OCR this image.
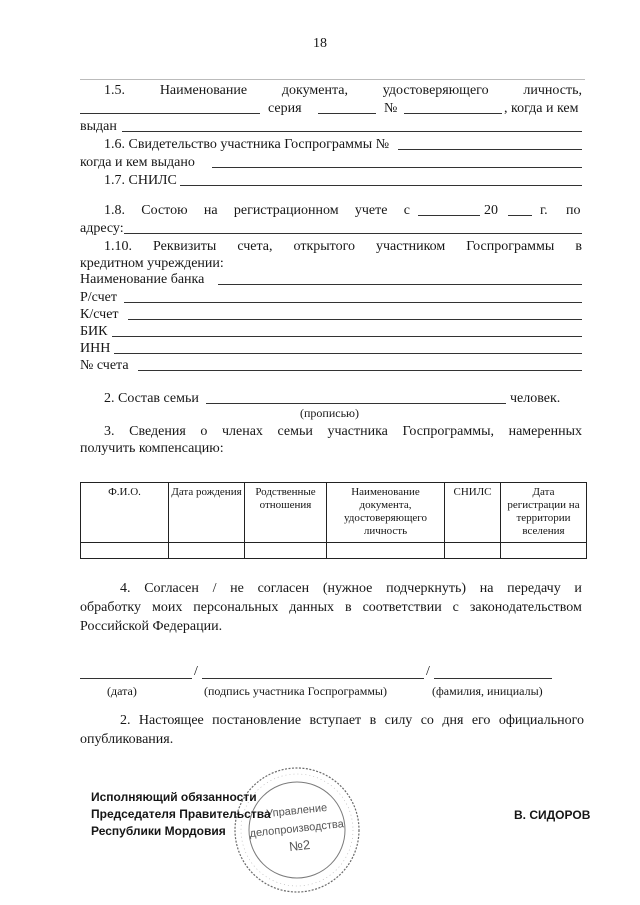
18
1.5. Наименование документа, удостоверяющего личность,
серия	№	, когда и кем
выдан
1.6. Свидетельство участника Госпрограммы №
когда и кем выдано
1.7. СНИЛС
1.8. Состою на регистрационном учете с	20	г. по
адресу:
1.10. Реквизиты счета, открытого участником Госпрограммы в
кредитном учреждении:
Наименование банка
Р/счет
К/счет
БИК
ИНН
№ счета
2. Состав семьи	человек.
(прописью)
3. Сведения о членах семьи участника Госпрограммы, намеренных
получить компенсацию:
Ф.И.О.	Дата рождения	Родственные отношения	Наименование документа, удостоверяющего личность	СНИЛС	Дата регистрации на территории вселения

4. Согласен / не согласен (нужное подчеркнуть) на передачу и
обработку моих персональных данных в соответствии с законодательством
Российской Федерации.
/	/
(дата)	(подпись участника Госпрограммы)	(фамилия, инициалы)
2. Настоящее постановление вступает в силу со дня его официального
опубликования.
Управление
делопроизводства
№2
Исполняющий обязанности
Председателя Правительства
Республики Мордовия
В. СИДОРОВ
